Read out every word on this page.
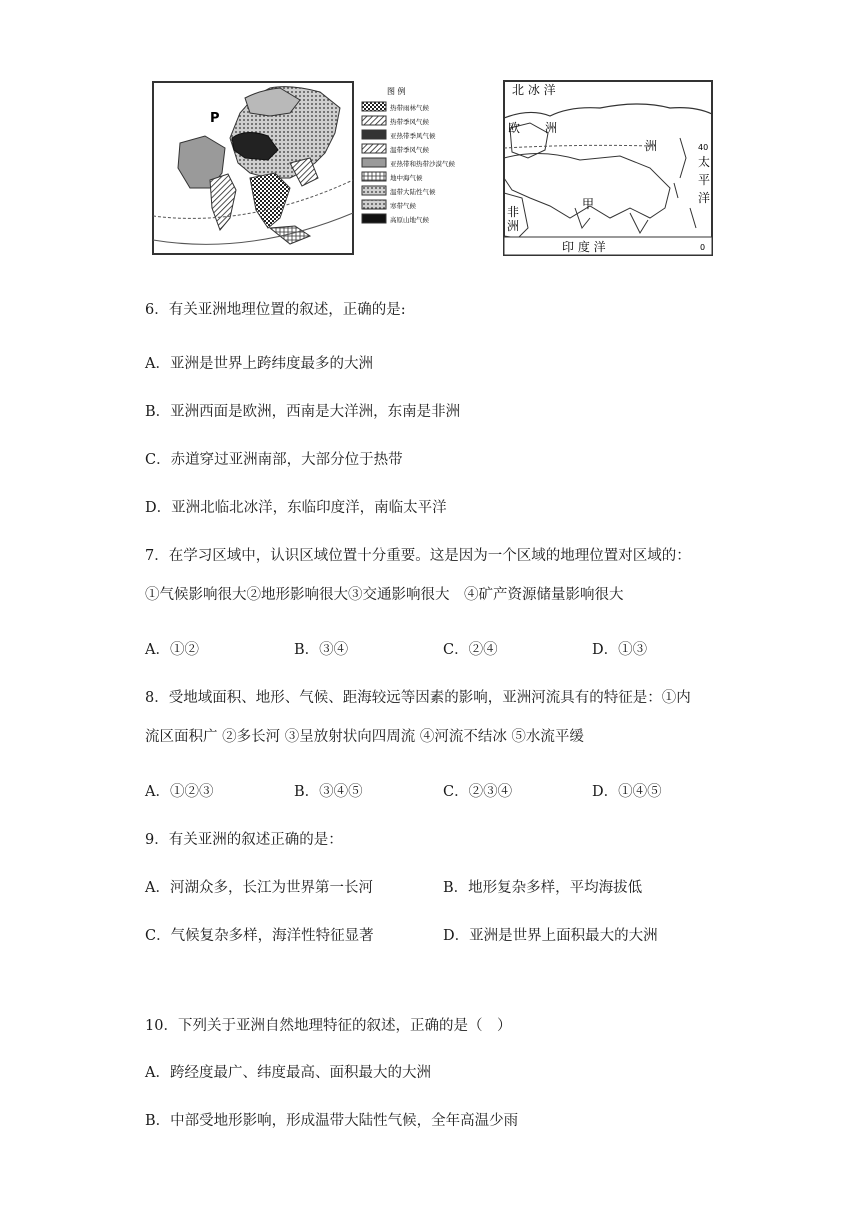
P
图 例
热带雨林气候
热带季风气候
亚热带季风气候
温带季风气候
亚热带和热带沙漠气候
地中海气候
温带大陆性气候
寒带气候
高原山地气候
北 冰 洋
欧 洲
洲
甲
非
洲
太
平
洋
40
0
印 度 洋
6．有关亚洲地理位置的叙述，正确的是:
A．亚洲是世界上跨纬度最多的大洲
B．亚洲西面是欧洲，西南是大洋洲，东南是非洲
C．赤道穿过亚洲南部，大部分位于热带
D．亚洲北临北冰洋，东临印度洋，南临太平洋
7．在学习区域中，认识区域位置十分重要。这是因为一个区域的地理位置对区域的：
①气候影响很大②地形影响很大③交通影响很大　④矿产资源储量影响很大
A．①②	B．③④	C．②④	D．①③
8．受地域面积、地形、气候、距海较远等因素的影响，亚洲河流具有的特征是：①内
流区面积广 ②多长河 ③呈放射状向四周流 ④河流不结冰 ⑤水流平缓
A．①②③	B．③④⑤	C．②③④	D．①④⑤
9．有关亚洲的叙述正确的是：
A．河湖众多，长江为世界第一长河	B．地形复杂多样，平均海拔低
C．气候复杂多样，海洋性特征显著	D．亚洲是世界上面积最大的大洲
10．下列关于亚洲自然地理特征的叙述，正确的是（　）
A．跨经度最广、纬度最高、面积最大的大洲
B．中部受地形影响，形成温带大陆性气候，全年高温少雨
